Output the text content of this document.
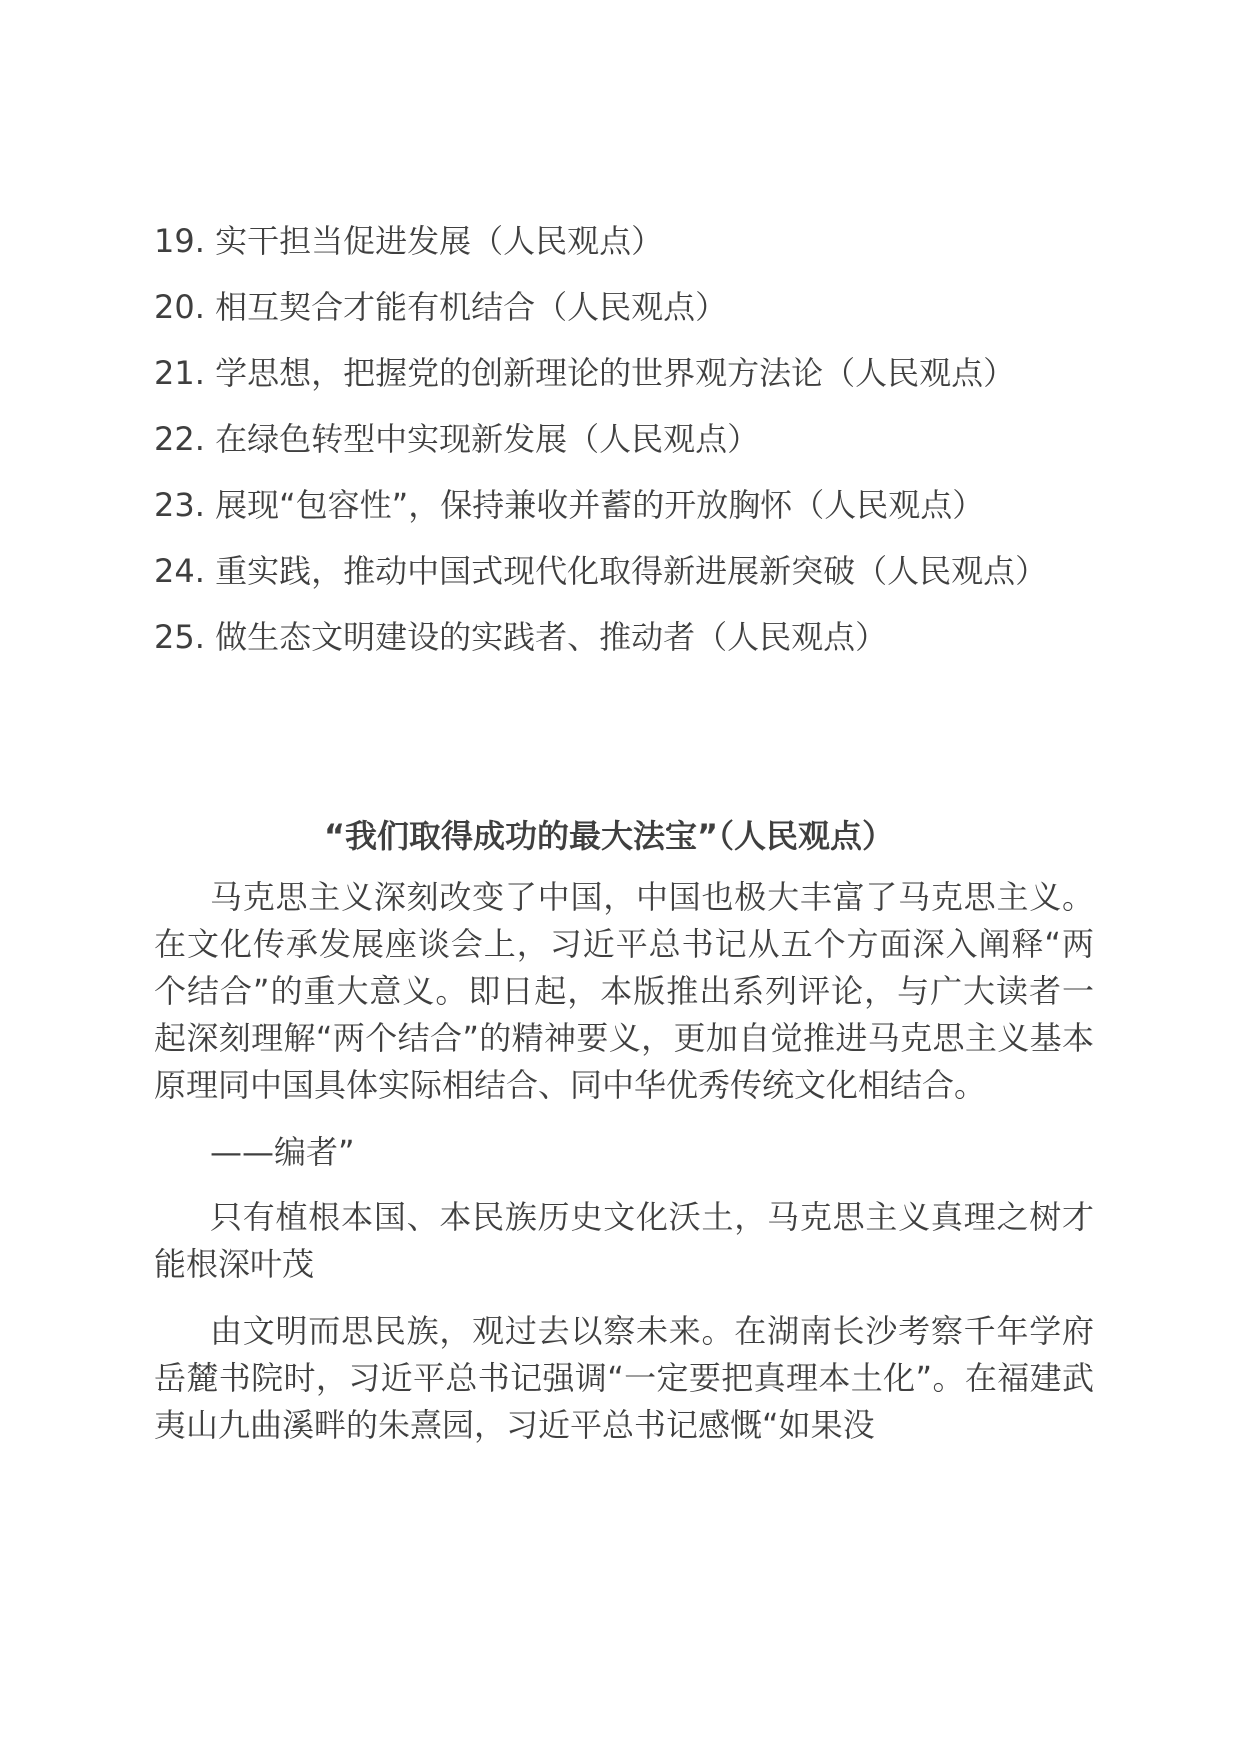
19. 实干担当促进发展（人民观点）
20. 相互契合才能有机结合（人民观点）
21. 学思想，把握党的创新理论的世界观方法论（人民观点）
22. 在绿色转型中实现新发展（人民观点）
23. 展现“包容性”，保持兼收并蓄的开放胸怀（人民观点）
24. 重实践，推动中国式现代化取得新进展新突破（人民观点）
25. 做生态文明建设的实践者、推动者（人民观点）
“我们取得成功的最大法宝”（人民观点）

马克思主义深刻改变了中国，中国也极大丰富了马克思主义。在文化传承发展座谈会上，习近平总书记从五个方面深入阐释“两个结合”的重大意义。即日起，本版推出系列评论，与广大读者一起深刻理解“两个结合”的精神要义，更加自觉推进马克思主义基本原理同中国具体实际相结合、同中华优秀传统文化相结合。

——编者”

只有植根本国、本民族历史文化沃土，马克思主义真理之树才能根深叶茂

由文明而思民族，观过去以察未来。在湖南长沙考察千年学府岳麓书院时，习近平总书记强调“一定要把真理本土化”。在福建武夷山九曲溪畔的朱熹园，习近平总书记感慨“如果没
